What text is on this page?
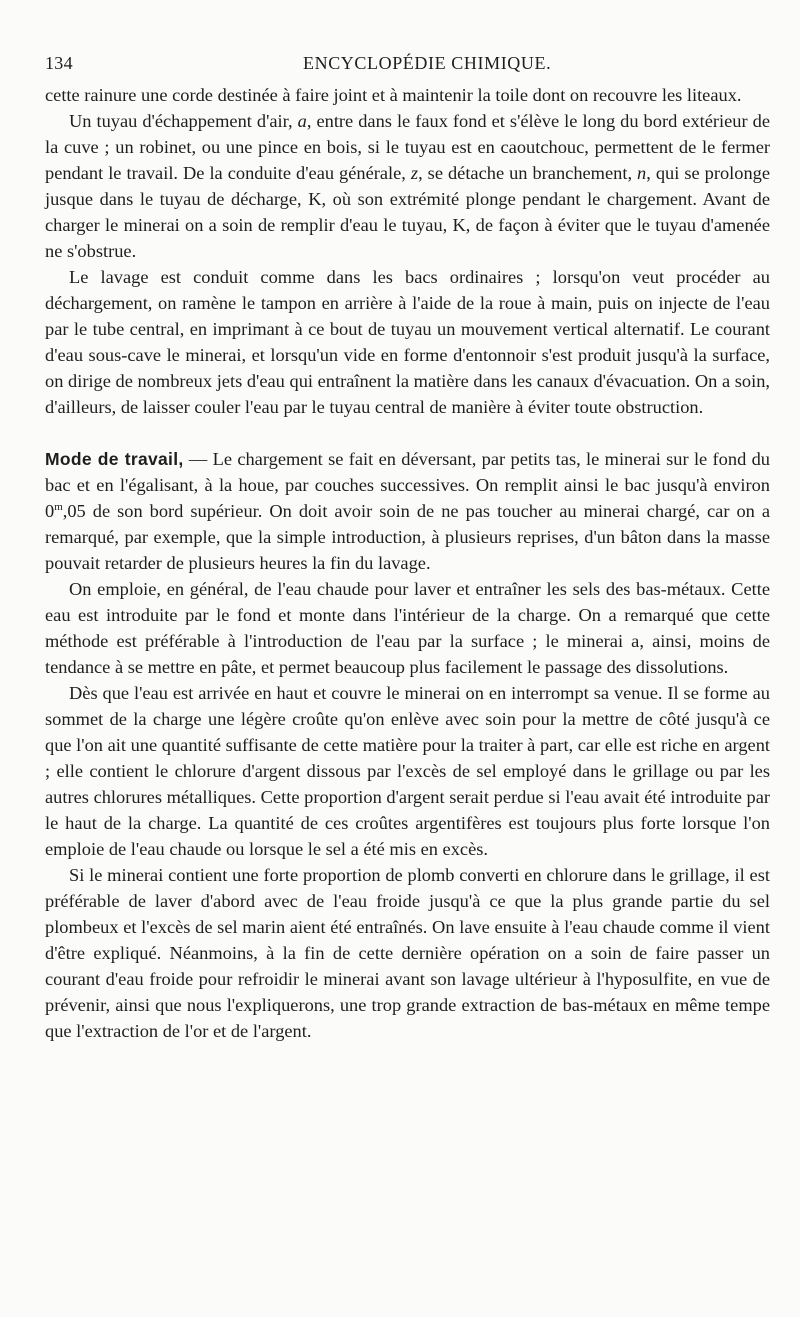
134	ENCYCLOPÉDIE CHIMIQUE.

cette rainure une corde destinée à faire joint et à maintenir la toile dont on recouvre les liteaux.

Un tuyau d'échappement d'air, a, entre dans le faux fond et s'élève le long du bord extérieur de la cuve ; un robinet, ou une pince en bois, si le tuyau est en caoutchouc, permettent de le fermer pendant le travail. De la conduite d'eau générale, z, se détache un branchement, n, qui se prolonge jusque dans le tuyau de décharge, K, où son extrémité plonge pendant le chargement. Avant de charger le minerai on a soin de remplir d'eau le tuyau, K, de façon à éviter que le tuyau d'amenée ne s'obstrue.

Le lavage est conduit comme dans les bacs ordinaires ; lorsqu'on veut procéder au déchargement, on ramène le tampon en arrière à l'aide de la roue à main, puis on injecte de l'eau par le tube central, en imprimant à ce bout de tuyau un mouvement vertical alternatif. Le courant d'eau sous-cave le minerai, et lorsqu'un vide en forme d'entonnoir s'est produit jusqu'à la surface, on dirige de nombreux jets d'eau qui entraînent la matière dans les canaux d'évacuation. On a soin, d'ailleurs, de laisser couler l'eau par le tuyau central de manière à éviter toute obstruction.

Mode de travail, — Le chargement se fait en déversant, par petits tas, le minerai sur le fond du bac et en l'égalisant, à la houe, par couches successives. On remplit ainsi le bac jusqu'à environ 0$^m$,05 de son bord supérieur. On doit avoir soin de ne pas toucher au minerai chargé, car on a remarqué, par exemple, que la simple introduction, à plusieurs reprises, d'un bâton dans la masse pouvait retarder de plusieurs heures la fin du lavage.

On emploie, en général, de l'eau chaude pour laver et entraîner les sels des bas-métaux. Cette eau est introduite par le fond et monte dans l'intérieur de la charge. On a remarqué que cette méthode est préférable à l'introduction de l'eau par la surface ; le minerai a, ainsi, moins de tendance à se mettre en pâte, et permet beaucoup plus facilement le passage des dissolutions.

Dès que l'eau est arrivée en haut et couvre le minerai on en interrompt sa venue. Il se forme au sommet de la charge une légère croûte qu'on enlève avec soin pour la mettre de côté jusqu'à ce que l'on ait une quantité suffisante de cette matière pour la traiter à part, car elle est riche en argent ; elle contient le chlorure d'argent dissous par l'excès de sel employé dans le grillage ou par les autres chlorures métalliques. Cette proportion d'argent serait perdue si l'eau avait été introduite par le haut de la charge. La quantité de ces croûtes argentifères est toujours plus forte lorsque l'on emploie de l'eau chaude ou lorsque le sel a été mis en excès.

Si le minerai contient une forte proportion de plomb converti en chlorure dans le grillage, il est préférable de laver d'abord avec de l'eau froide jusqu'à ce que la plus grande partie du sel plombeux et l'excès de sel marin aient été entraînés. On lave ensuite à l'eau chaude comme il vient d'être expliqué. Néanmoins, à la fin de cette dernière opération on a soin de faire passer un courant d'eau froide pour refroidir le minerai avant son lavage ultérieur à l'hyposulfite, en vue de prévenir, ainsi que nous l'expliquerons, une trop grande extraction de bas-métaux en même tempe que l'extraction de l'or et de l'argent.
